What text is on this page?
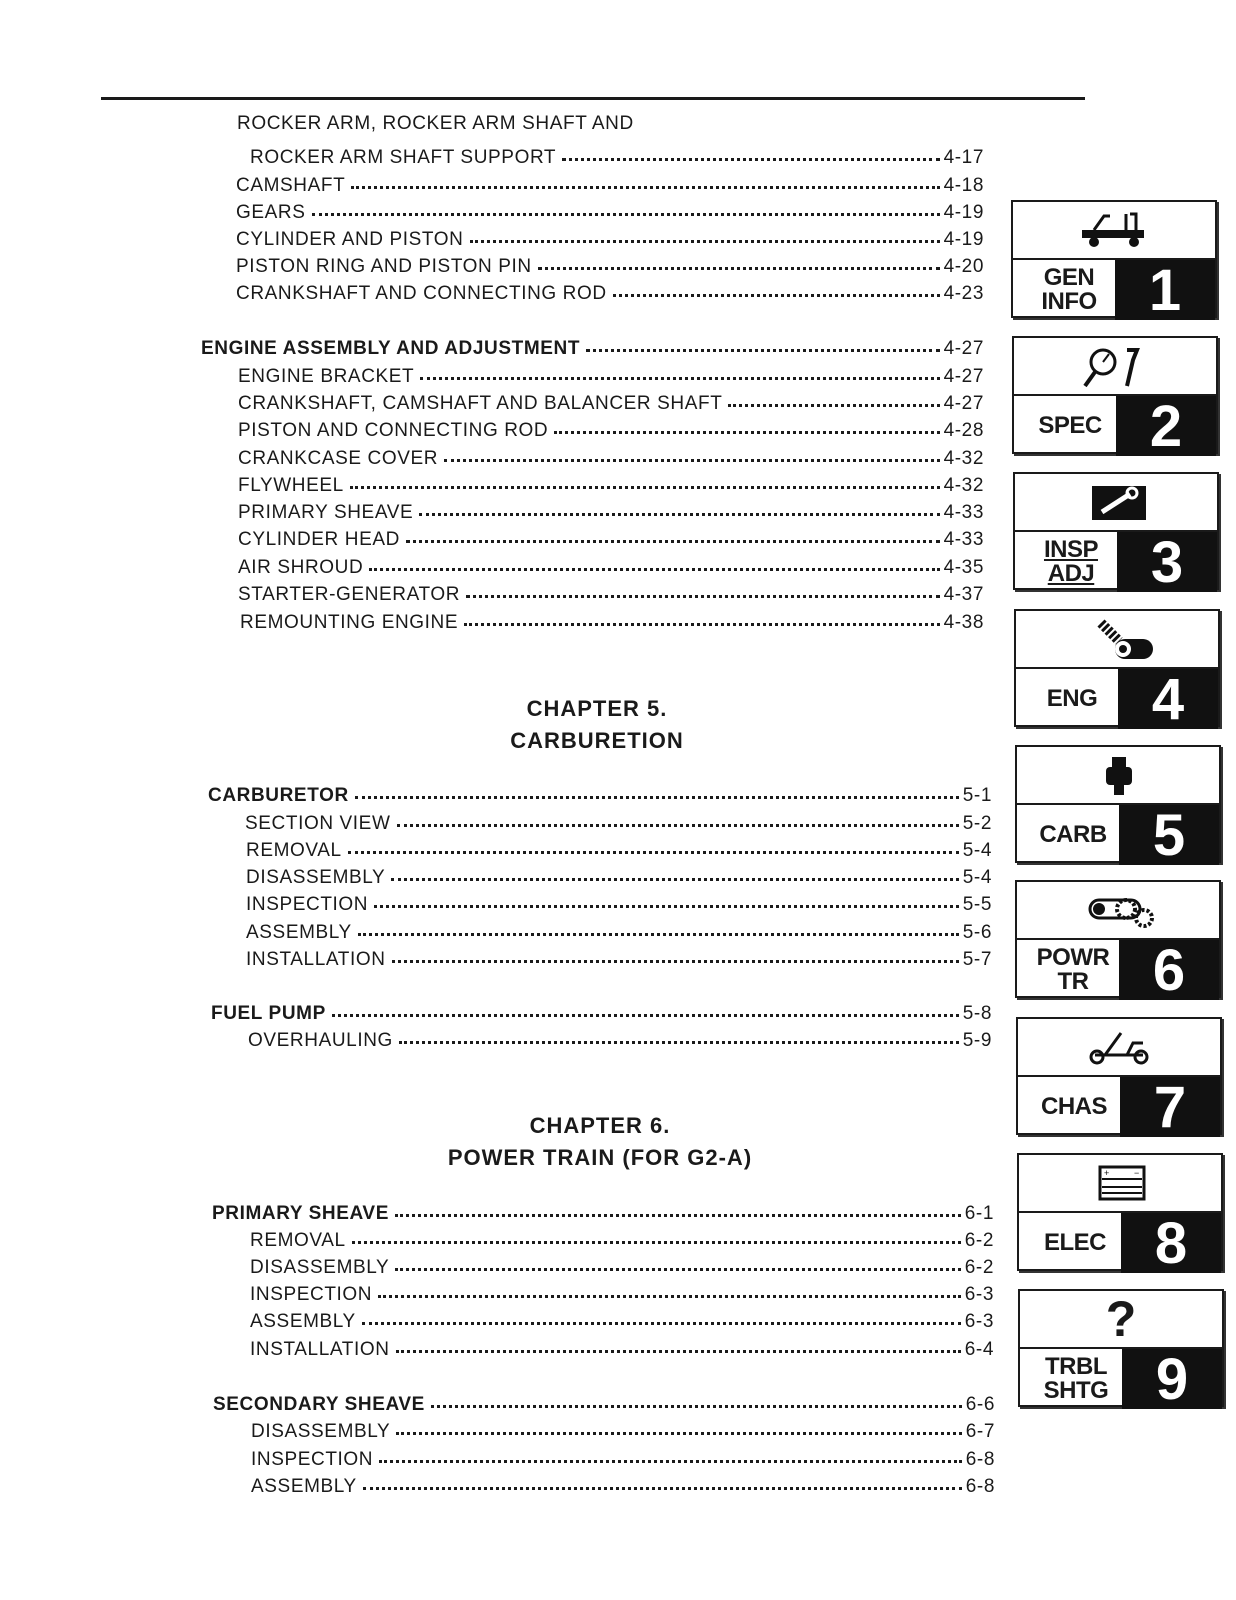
ROCKER ARM, ROCKER ARM SHAFT AND
ROCKER ARM SHAFT SUPPORT	4-17
CAMSHAFT	4-18
GEARS	4-19
CYLINDER AND PISTON	4-19
PISTON RING AND PISTON PIN	4-20
CRANKSHAFT AND CONNECTING ROD	4-23
ENGINE ASSEMBLY AND ADJUSTMENT	4-27
ENGINE BRACKET	4-27
CRANKSHAFT, CAMSHAFT AND BALANCER SHAFT	4-27
PISTON AND CONNECTING ROD	4-28
CRANKCASE COVER	4-32
FLYWHEEL	4-32
PRIMARY SHEAVE	4-33
CYLINDER HEAD	4-33
AIR SHROUD	4-35
STARTER-GENERATOR	4-37
REMOUNTING ENGINE	4-38
CHAPTER 5.
CARBURETION
CARBURETOR	5-1
SECTION VIEW	5-2
REMOVAL	5-4
DISASSEMBLY	5-4
INSPECTION	5-5
ASSEMBLY	5-6
INSTALLATION	5-7
FUEL PUMP	5-8
OVERHAULING	5-9
CHAPTER 6.
POWER TRAIN (FOR G2-A)
PRIMARY SHEAVE	6-1
REMOVAL	6-2
DISASSEMBLY	6-2
INSPECTION	6-3
ASSEMBLY	6-3
INSTALLATION	6-4
SECONDARY SHEAVE	6-6
DISASSEMBLY	6-7
INSPECTION	6-8
ASSEMBLY	6-8
GEN
INFO 1
SPEC 2
INSP
ADJ 3
ENG 4
CARB 5
POWR
TR	6
CHAS 7
+	−
ELEC 8
?
TRBL
SHTG 9
